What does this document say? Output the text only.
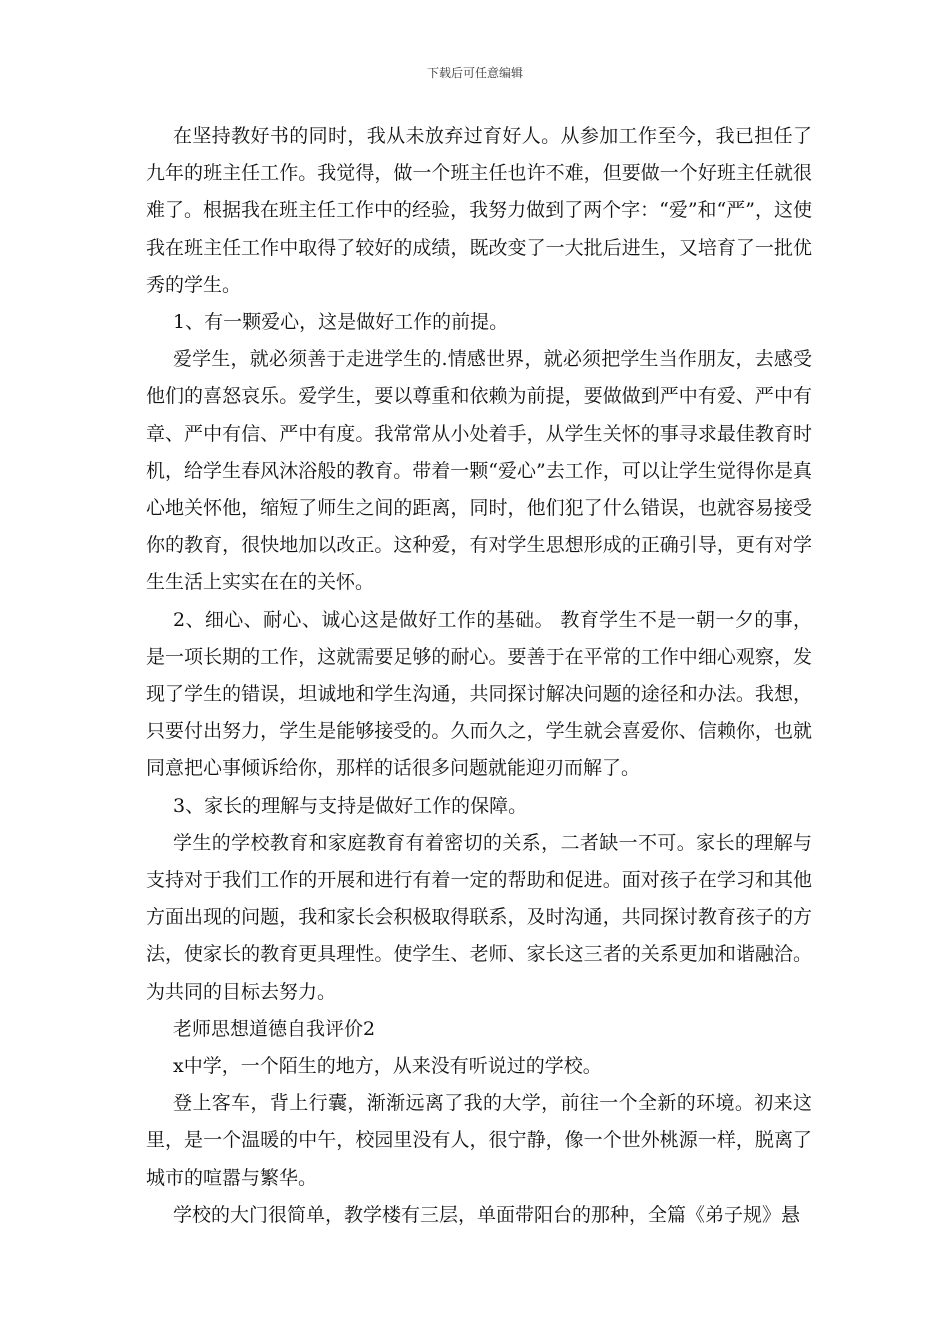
下载后可任意编辑

在坚持教好书的同时，我从未放弃过育好人。从参加工作至今，我已担任了九年的班主任工作。我觉得，做一个班主任也许不难，但要做一个好班主任就很难了。根据我在班主任工作中的经验，我努力做到了两个字：“爱”和“严”，这使我在班主任工作中取得了较好的成绩，既改变了一大批后进生，又培育了一批优秀的学生。

1、有一颗爱心，这是做好工作的前提。

爱学生，就必须善于走进学生的.情感世界，就必须把学生当作朋友，去感受他们的喜怒哀乐。爱学生，要以尊重和依赖为前提，要做做到严中有爱、严中有章、严中有信、严中有度。我常常从小处着手，从学生关怀的事寻求最佳教育时机，给学生春风沐浴般的教育。带着一颗“爱心”去工作，可以让学生觉得你是真心地关怀他，缩短了师生之间的距离，同时，他们犯了什么错误，也就容易接受你的教育，很快地加以改正。这种爱，有对学生思想形成的正确引导，更有对学生生活上实实在在的关怀。

2、细心、耐心、诚心这是做好工作的基础。 教育学生不是一朝一夕的事，是一项长期的工作，这就需要足够的耐心。要善于在平常的工作中细心观察，发现了学生的错误，坦诚地和学生沟通，共同探讨解决问题的途径和办法。我想，只要付出努力，学生是能够接受的。久而久之，学生就会喜爱你、信赖你，也就同意把心事倾诉给你，那样的话很多问题就能迎刃而解了。

3、家长的理解与支持是做好工作的保障。

学生的学校教育和家庭教育有着密切的关系，二者缺一不可。家长的理解与支持对于我们工作的开展和进行有着一定的帮助和促进。面对孩子在学习和其他方面出现的问题，我和家长会积极取得联系，及时沟通，共同探讨教育孩子的方法，使家长的教育更具理性。使学生、老师、家长这三者的关系更加和谐融洽。为共同的目标去努力。

老师思想道德自我评价2

x中学，一个陌生的地方，从来没有听说过的学校。

登上客车，背上行囊，渐渐远离了我的大学，前往一个全新的环境。初来这里，是一个温暖的中午，校园里没有人，很宁静，像一个世外桃源一样，脱离了城市的喧嚣与繁华。

学校的大门很简单，教学楼有三层，单面带阳台的那种，全篇《弟子规》悬
